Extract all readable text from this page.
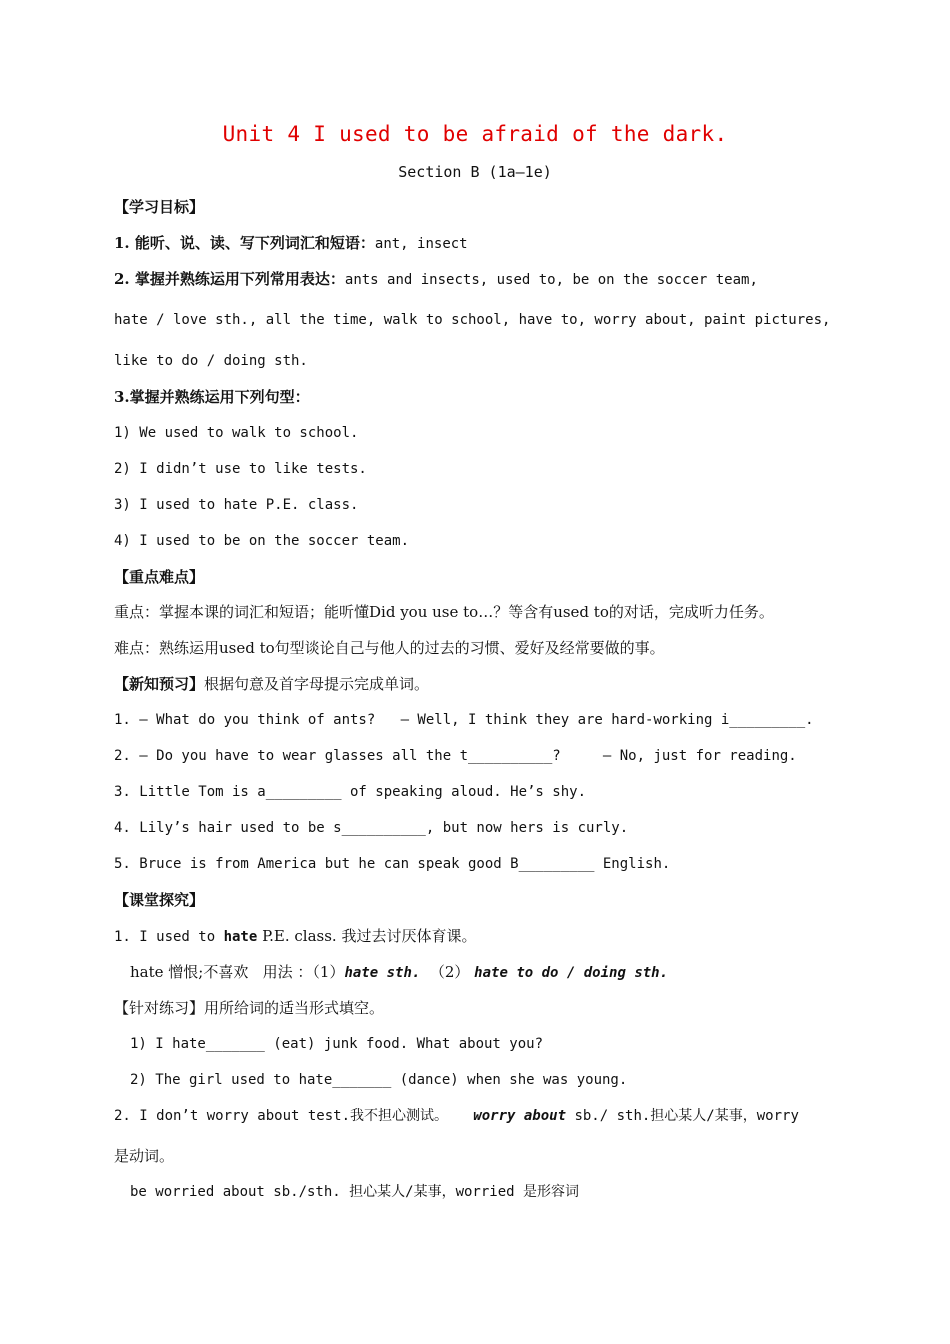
Unit 4 I used to be afraid of the dark.
Section B (1a—1e)
【学习目标】
1. 能听、说、读、写下列词汇和短语：ant, insect
2. 掌握并熟练运用下列常用表达：ants and insects, used to, be on the soccer team,
hate / love sth., all the time, walk to school, have to, worry about, paint pictures,
like to do / doing sth.
3.掌握并熟练运用下列句型：
1) We used to walk to school.
2) I didn’t use to like tests.
3) I used to hate P.E. class.
4) I used to be on the soccer team.
【重点难点】
重点：掌握本课的词汇和短语；能听懂Did you use to…？等含有used to的对话，完成听力任务。
难点：熟练运用used to句型谈论自己与他人的过去的习惯、爱好及经常要做的事。
【新知预习】根据句意及首字母提示完成单词。
1. — What do you think of ants?   — Well, I think they are hard-working i_________.
2. — Do you have to wear glasses all the t__________?     — No, just for reading.
3. Little Tom is a_________ of speaking aloud. He’s shy.
4. Lily’s hair used to be s__________, but now hers is curly.
5. Bruce is from America but he can speak good B_________ English.
【课堂探究】
1. I used to hate P.E. class. 我过去讨厌体育课。
hate 憎恨;不喜欢   用法 ：（1）hate sth.  （2） hate to do / doing sth.
【针对练习】用所给词的适当形式填空。
1) I hate_______ (eat) junk food. What about you?
2) The girl used to hate_______ (dance) when she was young.
2. I don’t worry about test.我不担心测试。   worry about sb./ sth.担心某人/某事，worry
是动词。
be worried about sb./sth. 担心某人/某事，worried 是形容词
